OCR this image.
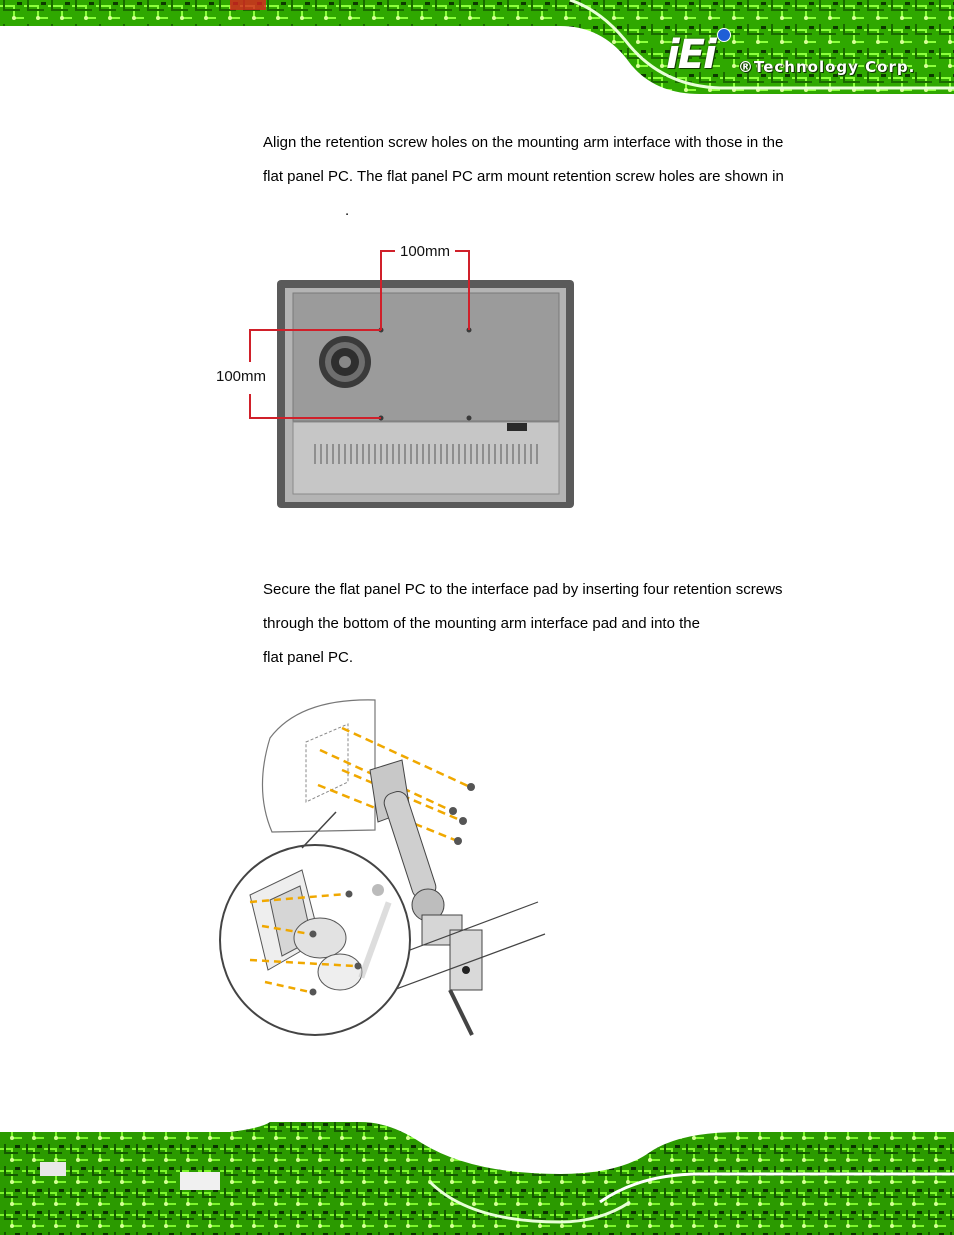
iEi	®Technology Corp.

Align the retention screw holes on the mounting arm interface with those in the
flat panel PC. The flat panel PC arm mount retention screw holes are shown in
.

100mm
100mm

Secure the flat panel PC to the interface pad by inserting four retention screws
through the bottom of the mounting arm interface pad and into the
flat panel PC.
